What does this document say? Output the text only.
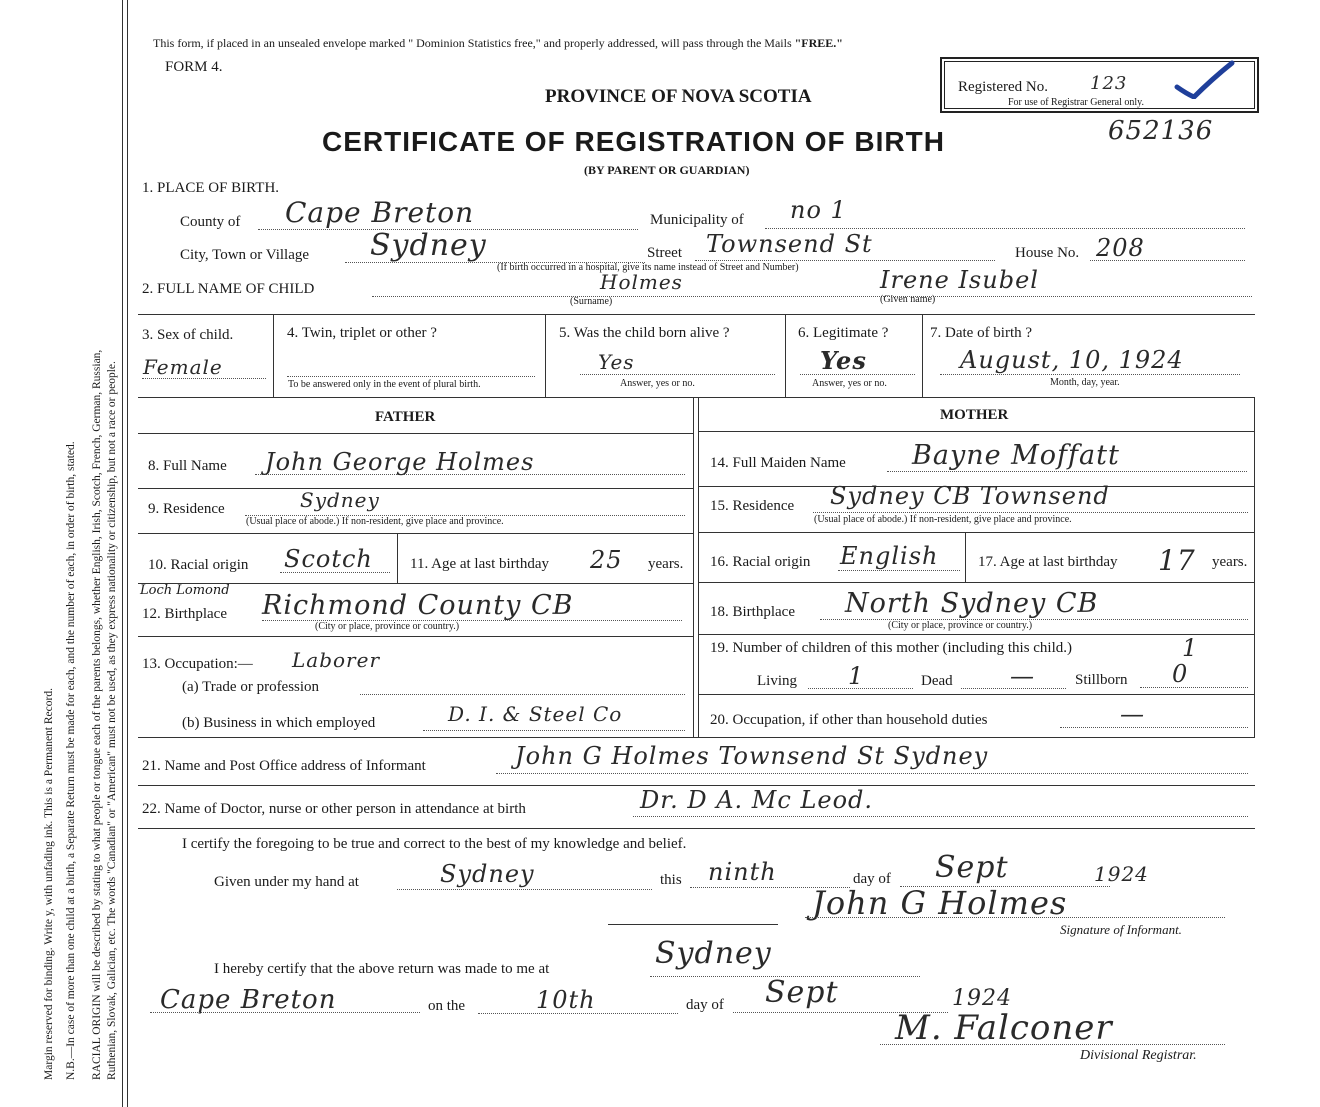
Margin reserved for binding. Write y, with unfading ink. This is a Permanent Record. N.B.—In case of more than one child at a birth, a Separate Return must be made for each, and the number of each, in order of birth, stated. RACIAL ORIGIN will be described by stating to what people or tongue each of the parents belongs, whether English, Irish, Scotch, French, German, Russian, Ruthenian, Slovak, Galician, etc. The words "Canadian" or "American" must not be used, as they express nationality or citizenship, but not a race or people.
This form, if placed in an unsealed envelope marked " Dominion Statistics free," and properly addressed, will pass through the Mails "FREE."
FORM 4.
Registered No. 123
For use of Registrar General only.
PROVINCE OF NOVA SCOTIA
CERTIFICATE OF REGISTRATION OF BIRTH	652136
(BY PARENT OR GUARDIAN)
1. PLACE OF BIRTH.
County of Cape Breton	Municipality of no 1
City, Town or Village Sydney	Street Townsend St	House No. 208
(If birth occurred in a hospital, give its name instead of Street and Number)
2. FULL NAME OF CHILD	Holmes
(Surname)
Irene Isubel
(Given name)
3. Sex of child.
Female
4. Twin, triplet or other ?
To be answered only in the event of plural birth.
5. Was the child born alive ?
Yes
Answer, yes or no.
6. Legitimate ?
Yes
Answer, yes or no.
7. Date of birth ?
August, 10, 1924
Month, day, year.
FATHER	MOTHER
8. Full Name John George Holmes
9. Residence	Sydney
(Usual place of abode.) If non-resident, give place and province.
10. Racial origin Scotch 11. Age at last birthday 25 years.
Loch Lomond
12. Birthplace Richmond County CB
(City or place, province or country.)
13. Occupation:— Laborer
(a) Trade or profession
(b) Business in which employed	D. I. & Steel Co
14. Full Maiden Name Bayne Moffatt
15. Residence Sydney CB Townsend
(Usual place of abode.) If non-resident, give place and province.
16. Racial origin English	17. Age at last birthday 17 years.
18. Birthplace North Sydney CB
(City or place, province or country.)
19. Number of children of this mother (including this child.)	1
Living 1	Dead —	Stillborn 0
20. Occupation, if other than household duties	—
21. Name and Post Office address of Informant	John G Holmes Townsend St Sydney
22. Name of Doctor, nurse or other person in attendance at birth	Dr. D A. Mc Leod.
I certify the foregoing to be true and correct to the best of my knowledge and belief.
Given under my hand at	Sydney	this ninth	day of Sept	1924
John G Holmes
Signature of Informant.
I hereby certify that the above return was made to me at	Sydney
Cape Breton	on the	10th	day of Sept	1924
M. Falconer
Divisional Registrar.
